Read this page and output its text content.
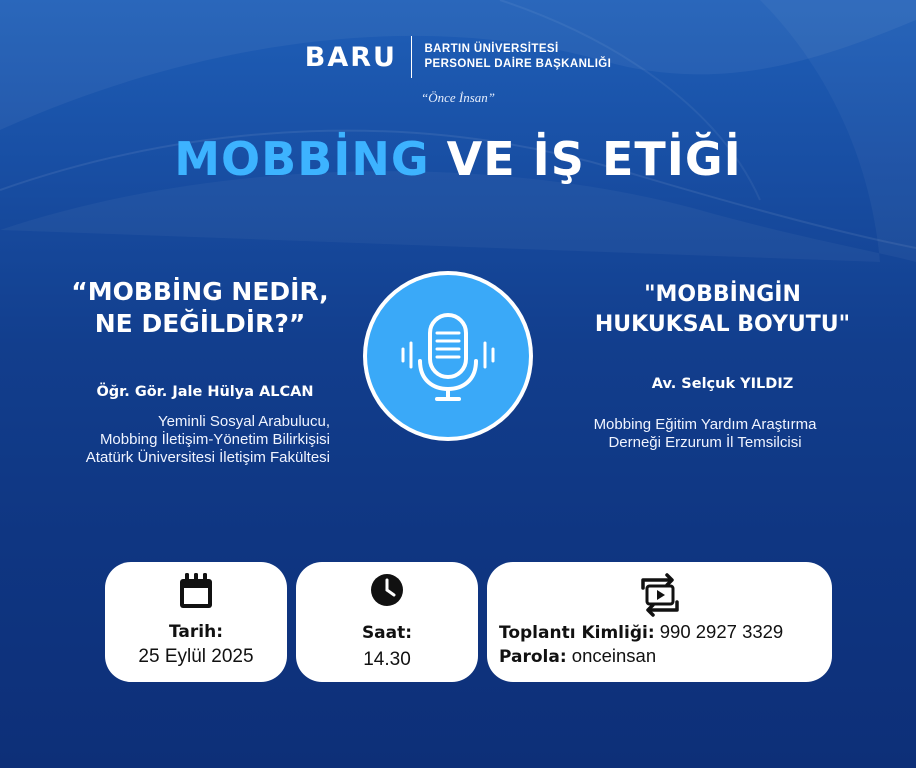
BARU BARTIN ÜNİVERSİTESİ
PERSONEL DAİRE BAŞKANLIĞI
“Önce İnsan”
MOBBİNG VE İŞ ETİĞİ
“MOBBİNG NEDİR,
NE DEĞİLDİR?”
Öğr. Gör. Jale Hülya ALCAN
Yeminli Sosyal Arabulucu,
Mobbing İletişim-Yönetim Bilirkişisi
Atatürk Üniversitesi İletişim Fakültesi
"MOBBİNGİN
HUKUKSAL BOYUTU"
Av. Selçuk YILDIZ
Mobbing Eğitim Yardım Araştırma
Derneği Erzurum İl Temsilcisi
Tarih:
25 Eylül 2025
Saat:
14.30
Toplantı Kimliği: 990 2927 3329
Parola: onceinsan
